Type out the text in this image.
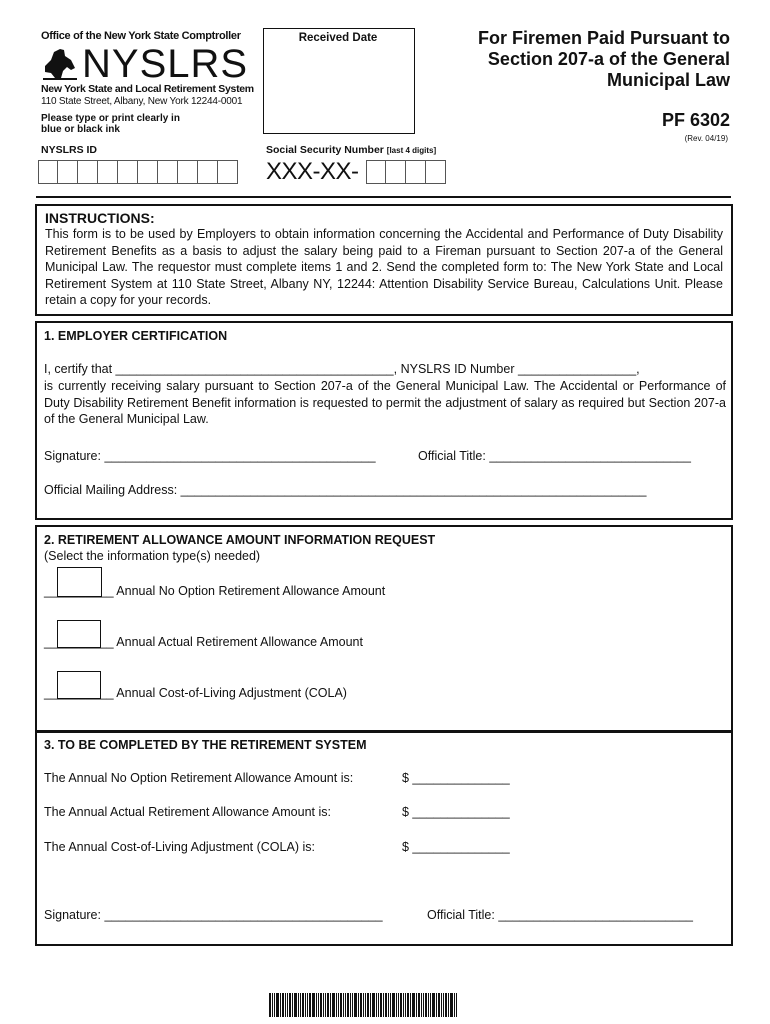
Office of the New York State Comptroller
NYSLRS
New York State and Local Retirement System
110 State Street, Albany, New York 12244-0001
Please type or print clearly in blue or black ink
Received Date	For Firemen Paid Pursuant to
Section 207-a of the General
Municipal Law
PF 6302
(Rev. 04/19)
NYSLRS ID	Social Security Number [last 4 digits]
XXX-XX-
INSTRUCTIONS:
This form is to be used by Employers to obtain information concerning the Accidental and Performance of Duty Disability Retirement Benefits as a basis to adjust the salary being paid to a Fireman pursuant to Section 207-a of the General Municipal Law. The requestor must complete items 1 and 2. Send the completed form to: The New York State and Local Retirement System at 110 State Street, Albany NY, 12244: Attention Disability Service Bureau, Calculations Unit. Please retain a copy for your records.
1. EMPLOYER CERTIFICATION
I, certify that ________________________________________, NYSLRS ID Number _________________,
is currently receiving salary pursuant to Section 207-a of the General Municipal Law. The Accidental or Performance of Duty Disability Retirement Benefit information is requested to permit the adjustment of salary as required but Section 207-a of the General Municipal Law.
Signature: _______________________________________	Official Title: _____________________________
Official Mailing Address: ___________________________________________________________________
2. RETIREMENT ALLOWANCE AMOUNT INFORMATION REQUEST
(Select the information type(s) needed)
__________ Annual No Option Retirement Allowance Amount
__________ Annual Actual Retirement Allowance Amount
__________ Annual Cost-of-Living Adjustment (COLA)
3. TO BE COMPLETED BY THE RETIREMENT SYSTEM
The Annual No Option Retirement Allowance Amount is:	$ ______________
The Annual Actual Retirement Allowance Amount is:	$ ______________
The Annual Cost-of-Living Adjustment (COLA) is:	$ ______________
Signature: ________________________________________	Official Title: ____________________________
